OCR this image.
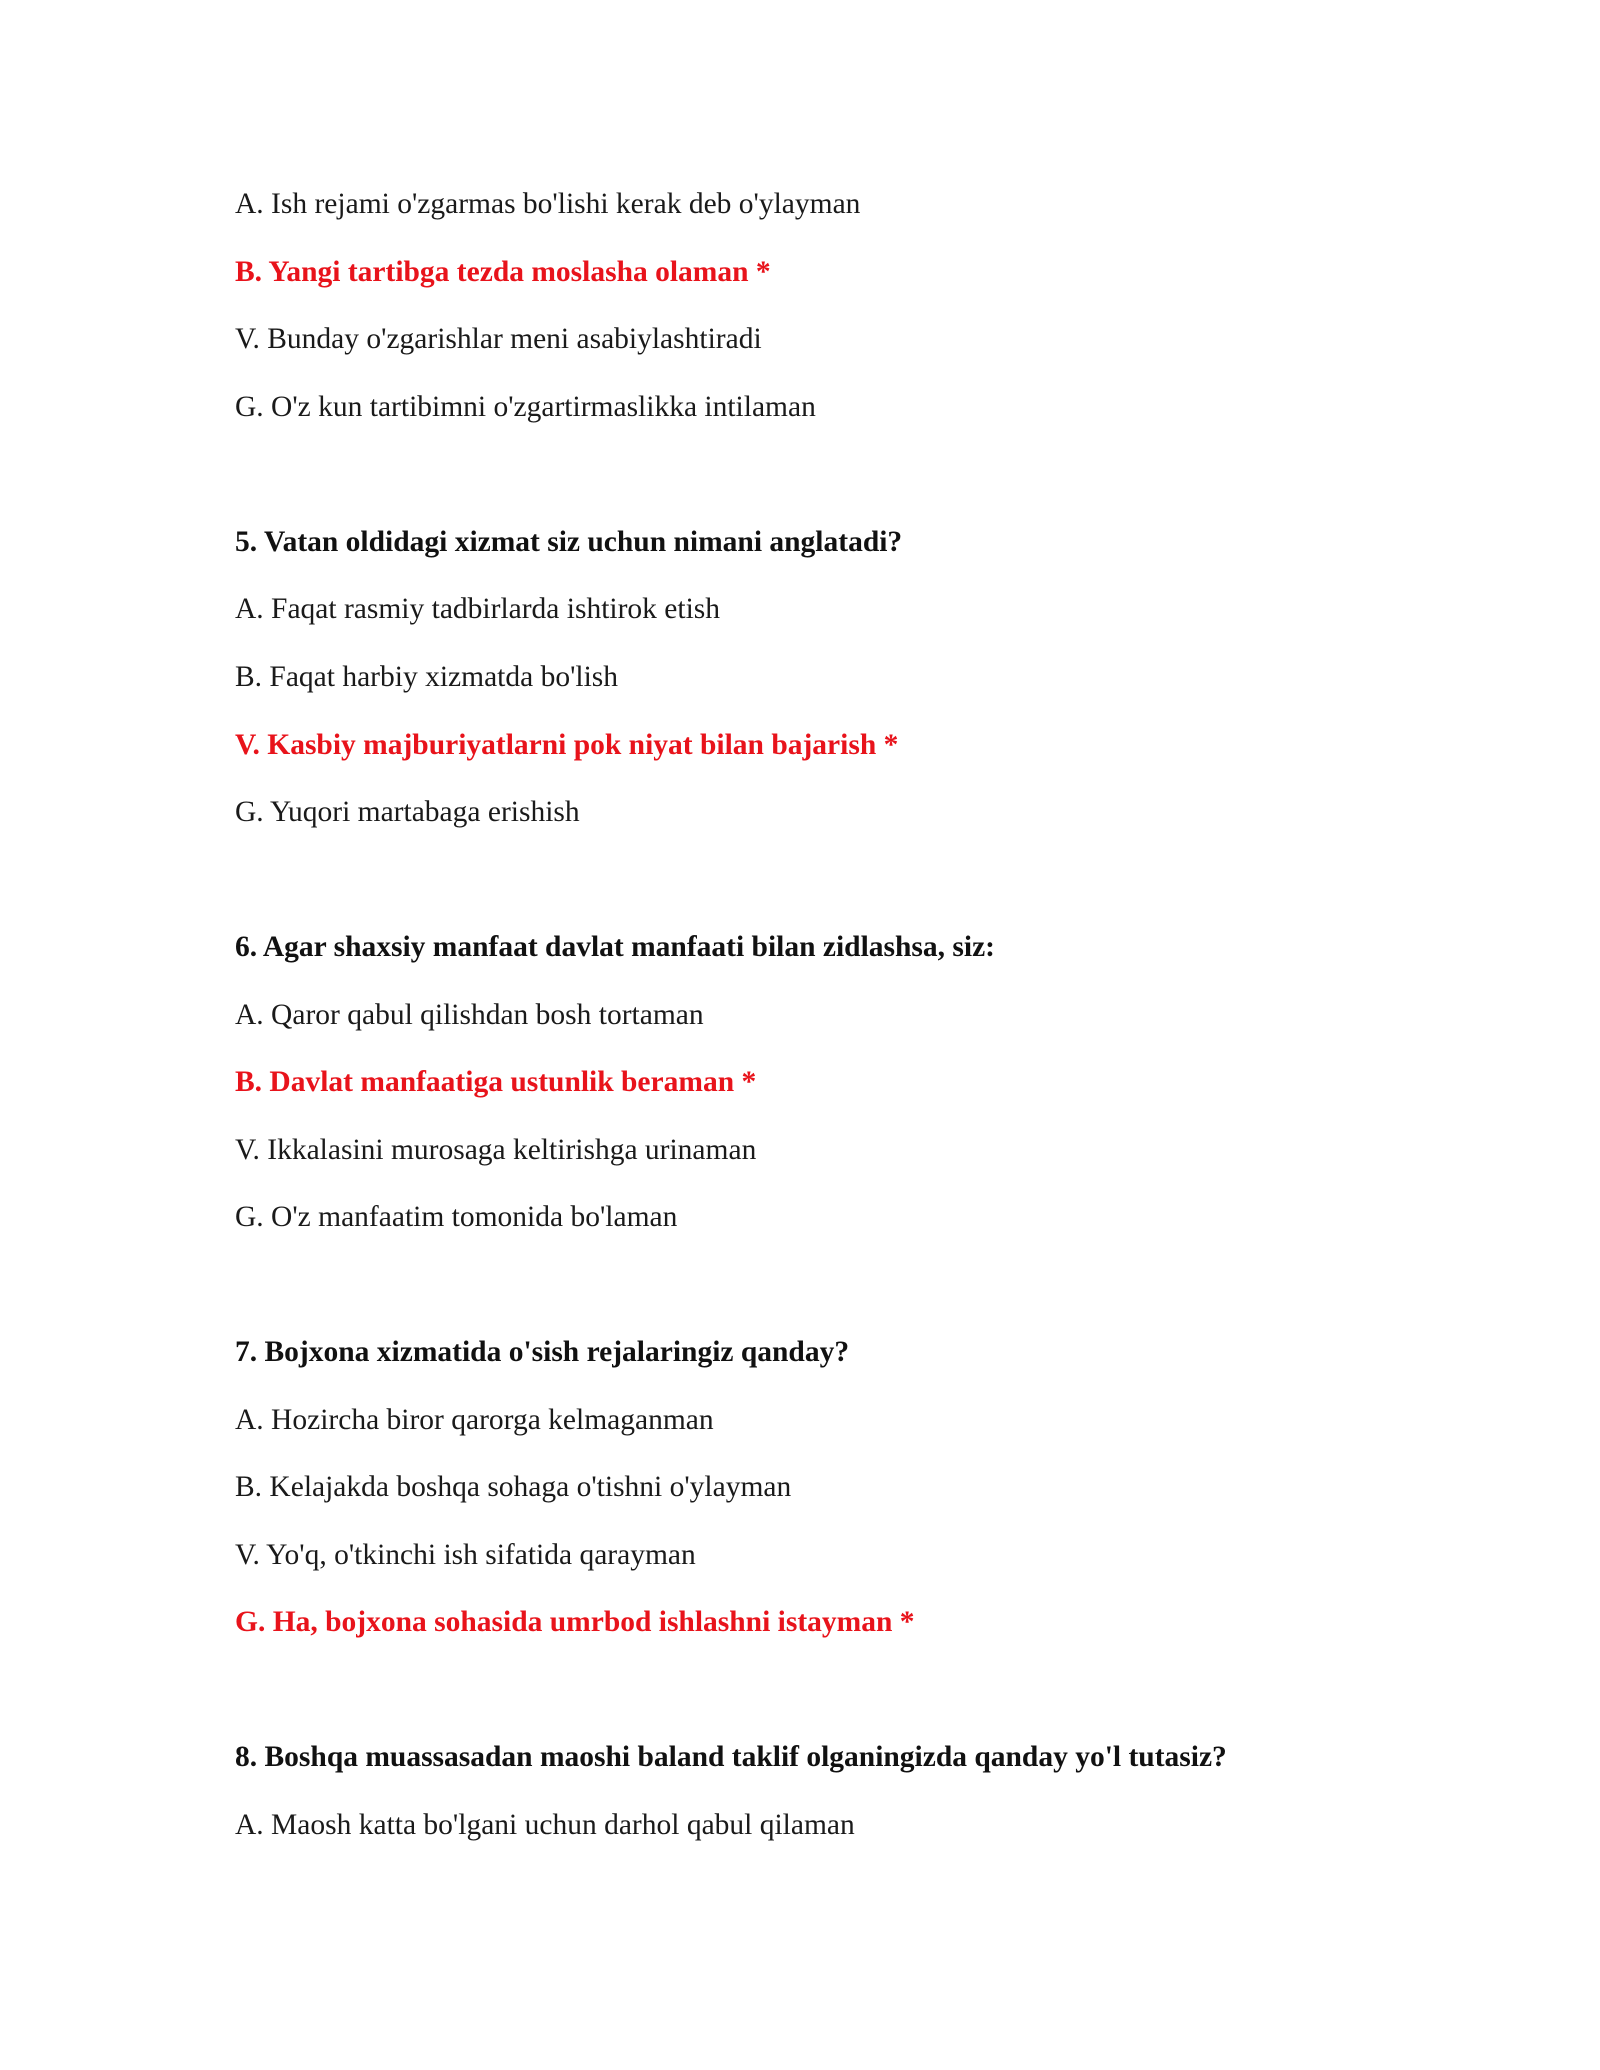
A. Ish rejami o'zgarmas bo'lishi kerak deb o'ylayman
B. Yangi tartibga tezda moslasha olaman *
V. Bunday o'zgarishlar meni asabiylashtiradi
G. O'z kun tartibimni o'zgartirmaslikka intilaman
5. Vatan oldidagi xizmat siz uchun nimani anglatadi?
A. Faqat rasmiy tadbirlarda ishtirok etish
B. Faqat harbiy xizmatda bo'lish
V. Kasbiy majburiyatlarni pok niyat bilan bajarish *
G. Yuqori martabaga erishish
6. Agar shaxsiy manfaat davlat manfaati bilan zidlashsa, siz:
A. Qaror qabul qilishdan bosh tortaman
B. Davlat manfaatiga ustunlik beraman *
V. Ikkalasini murosaga keltirishga urinaman
G. O'z manfaatim tomonida bo'laman
7. Bojxona xizmatida o'sish rejalaringiz qanday?
A. Hozircha biror qarorga kelmaganman
B. Kelajakda boshqa sohaga o'tishni o'ylayman
V. Yo'q, o'tkinchi ish sifatida qarayman
G. Ha, bojxona sohasida umrbod ishlashni istayman *
8. Boshqa muassasadan maoshi baland taklif olganingizda qanday yo'l tutasiz?
A. Maosh katta bo'lgani uchun darhol qabul qilaman
